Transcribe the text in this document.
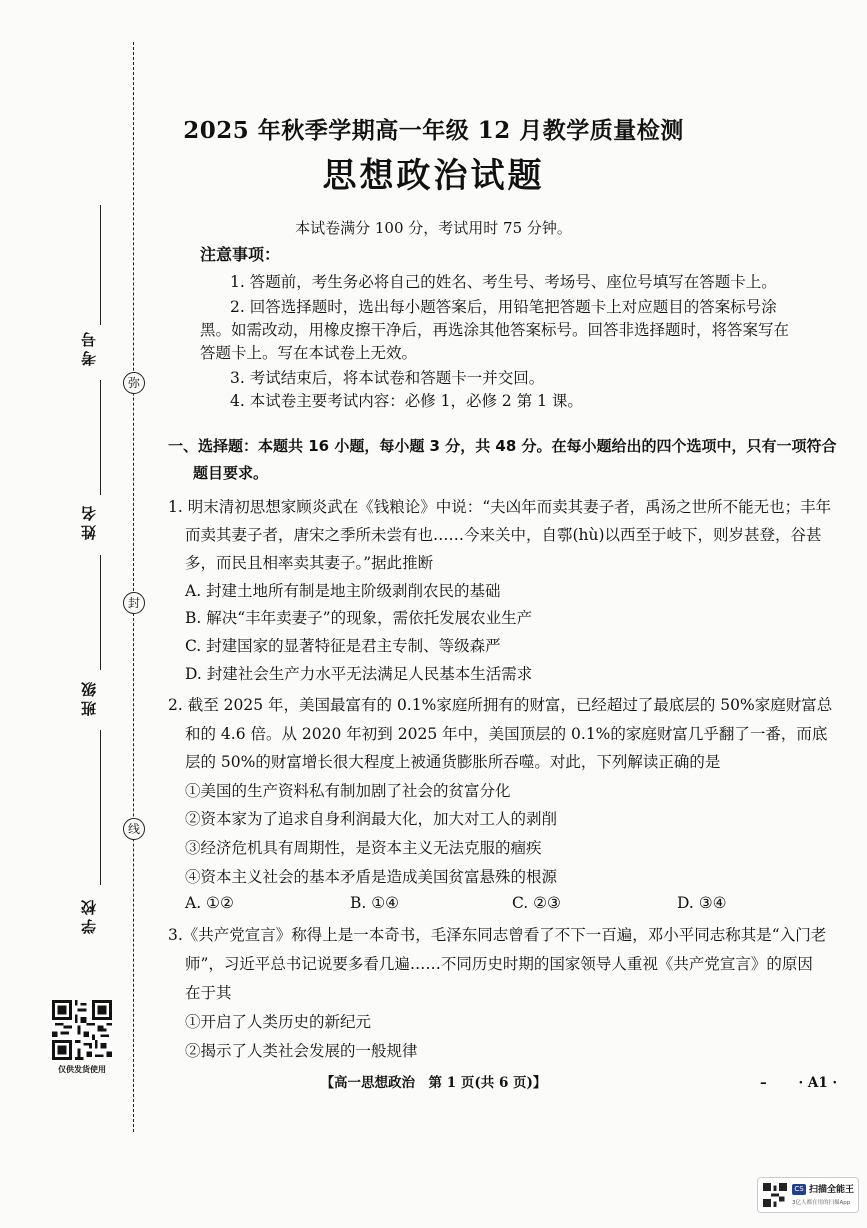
弥
封
线
考号
姓名
班级
学校
仅供发货使用
2025 年秋季学期高一年级 12 月教学质量检测
思想政治试题
本试卷满分 100 分，考试用时 75 分钟。
注意事项：
1. 答题前，考生务必将自己的姓名、考生号、考场号、座位号填写在答题卡上。
2. 回答选择题时，选出每小题答案后，用铅笔把答题卡上对应题目的答案标号涂
黑。如需改动，用橡皮擦干净后，再选涂其他答案标号。回答非选择题时，将答案写在
答题卡上。写在本试卷上无效。
3. 考试结束后，将本试卷和答题卡一并交回。
4. 本试卷主要考试内容：必修 1，必修 2 第 1 课。
一、选择题：本题共 16 小题，每小题 3 分，共 48 分。在每小题给出的四个选项中，只有一项符合
题目要求。
1. 明末清初思想家顾炎武在《钱粮论》中说：“夫凶年而卖其妻子者，禹汤之世所不能无也；丰年
而卖其妻子者，唐宋之季所未尝有也……今来关中，自鄠(hù)以西至于岐下，则岁甚登，谷甚
多，而民且相率卖其妻子。”据此推断
A. 封建土地所有制是地主阶级剥削农民的基础
B. 解决“丰年卖妻子”的现象，需依托发展农业生产
C. 封建国家的显著特征是君主专制、等级森严
D. 封建社会生产力水平无法满足人民基本生活需求
2. 截至 2025 年，美国最富有的 0.1%家庭所拥有的财富，已经超过了最底层的 50%家庭财富总
和的 4.6 倍。从 2020 年初到 2025 年中，美国顶层的 0.1%的家庭财富几乎翻了一番，而底
层的 50%的财富增长很大程度上被通货膨胀所吞噬。对此，下列解读正确的是
①美国的生产资料私有制加剧了社会的贫富分化
②资本家为了追求自身利润最大化，加大对工人的剥削
③经济危机具有周期性，是资本主义无法克服的痼疾
④资本主义社会的基本矛盾是造成美国贫富悬殊的根源
A. ①②	B. ①④	C. ②③	D. ③④
3.《共产党宣言》称得上是一本奇书，毛泽东同志曾看了不下一百遍，邓小平同志称其是“入门老
师”，习近平总书记说要多看几遍……不同历史时期的国家领导人重视《共产党宣言》的原因
在于其
①开启了人类历史的新纪元
②揭示了人类社会发展的一般规律
【高一思想政治　第 1 页(共 6 页)】	–　　 · A1 ·
CS 扫描全能王
3亿人都在用的扫描App
